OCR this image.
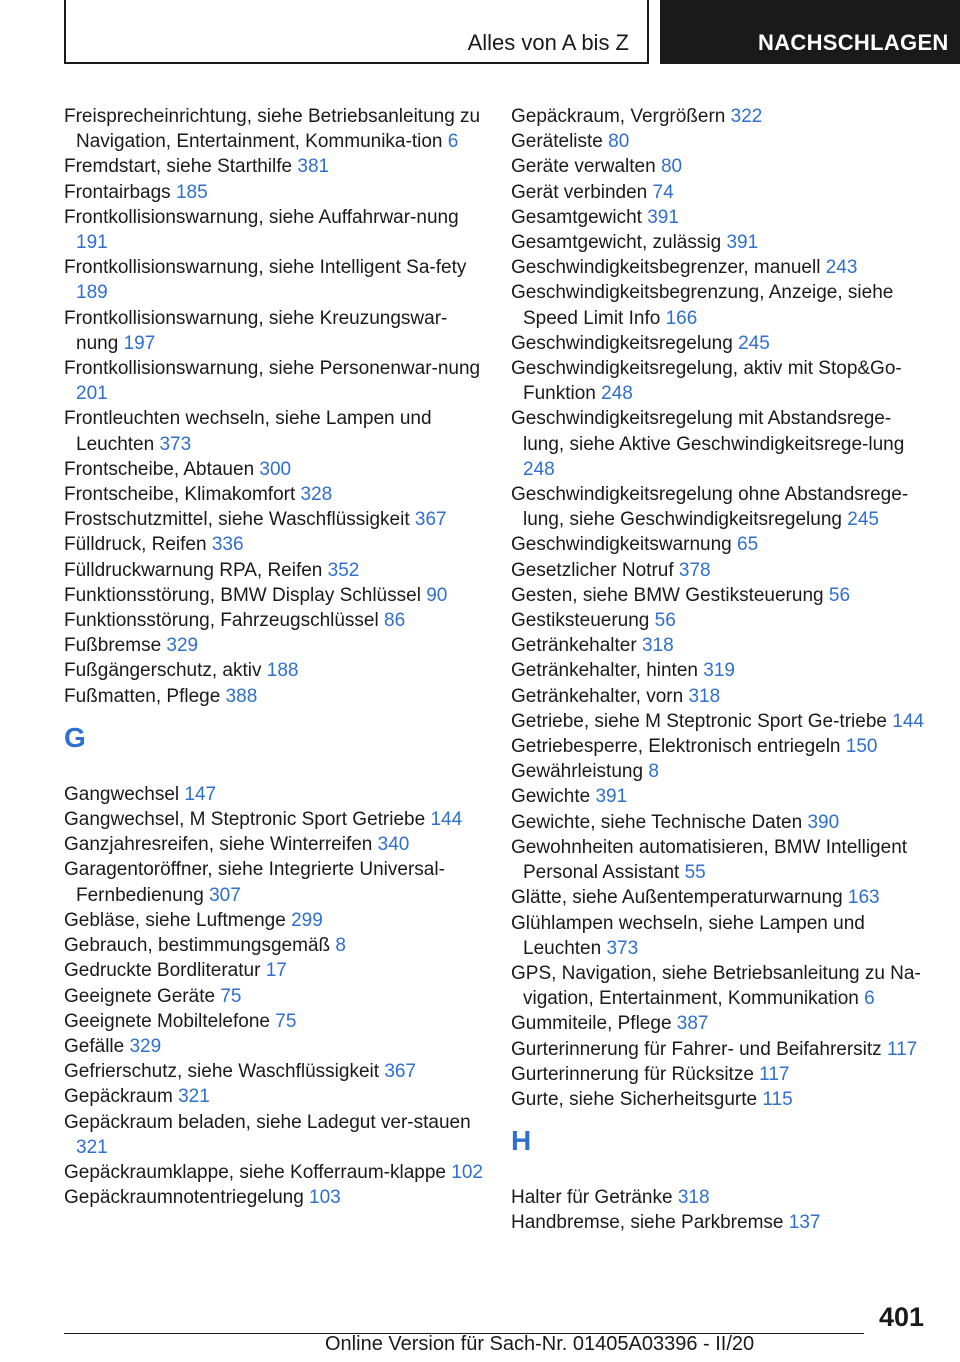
Alles von A bis Z	NACHSCHLAGEN
Freisprecheinrichtung, siehe Betriebsanleitung zu Navigation, Entertainment, Kommunika‐tion 6
Fremdstart, siehe Starthilfe 381
Frontairbags 185
Frontkollisionswarnung, siehe Auffahrwar‐nung 191
Frontkollisionswarnung, siehe Intelligent Sa‐fety 189
Frontkollisionswarnung, siehe Kreuzungswar‐nung 197
Frontkollisionswarnung, siehe Personenwar‐nung 201
Frontleuchten wechseln, siehe Lampen und Leuchten 373
Frontscheibe, Abtauen 300
Frontscheibe, Klimakomfort 328
Frostschutzmittel, siehe Waschflüssigkeit 367
Fülldruck, Reifen 336
Fülldruckwarnung RPA, Reifen 352
Funktionsstörung, BMW Display Schlüssel 90
Funktionsstörung, Fahrzeugschlüssel 86
Fußbremse 329
Fußgängerschutz, aktiv 188
Fußmatten, Pflege 388
G
Gangwechsel 147
Gangwechsel, M Steptronic Sport Getriebe 144
Ganzjahresreifen, siehe Winterreifen 340
Garagentoröffner, siehe Integrierte Universal‐Fernbedienung 307
Gebläse, siehe Luftmenge 299
Gebrauch, bestimmungsgemäß 8
Gedruckte Bordliteratur 17
Geeignete Geräte 75
Geeignete Mobiltelefone 75
Gefälle 329
Gefrierschutz, siehe Waschflüssigkeit 367
Gepäckraum 321
Gepäckraum beladen, siehe Ladegut ver‐stauen 321
Gepäckraumklappe, siehe Kofferraum‐klappe 102
Gepäckraumnotentriegelung 103
Gepäckraum, Vergrößern 322
Geräteliste 80
Geräte verwalten 80
Gerät verbinden 74
Gesamtgewicht 391
Gesamtgewicht, zulässig 391
Geschwindigkeitsbegrenzer, manuell 243
Geschwindigkeitsbegrenzung, Anzeige, siehe Speed Limit Info 166
Geschwindigkeitsregelung 245
Geschwindigkeitsregelung, aktiv mit Stop&Go-Funktion 248
Geschwindigkeitsregelung mit Abstandsrege‐lung, siehe Aktive Geschwindigkeitsrege‐lung 248
Geschwindigkeitsregelung ohne Abstandsrege‐lung, siehe Geschwindigkeitsregelung 245
Geschwindigkeitswarnung 65
Gesetzlicher Notruf 378
Gesten, siehe BMW Gestiksteuerung 56
Gestiksteuerung 56
Getränkehalter 318
Getränkehalter, hinten 319
Getränkehalter, vorn 318
Getriebe, siehe M Steptronic Sport Ge‐triebe 144
Getriebesperre, Elektronisch entriegeln 150
Gewährleistung 8
Gewichte 391
Gewichte, siehe Technische Daten 390
Gewohnheiten automatisieren, BMW Intelligent Personal Assistant 55
Glätte, siehe Außentemperaturwarnung 163
Glühlampen wechseln, siehe Lampen und Leuchten 373
GPS, Navigation, siehe Betriebsanleitung zu Na‐vigation, Entertainment, Kommunikation 6
Gummiteile, Pflege 387
Gurterinnerung für Fahrer- und Beifahrersitz 117
Gurterinnerung für Rücksitze 117
Gurte, siehe Sicherheitsgurte 115
H
Halter für Getränke 318
Handbremse, siehe Parkbremse 137
401
Online Version für Sach-Nr. 01405A03396 - II/20
